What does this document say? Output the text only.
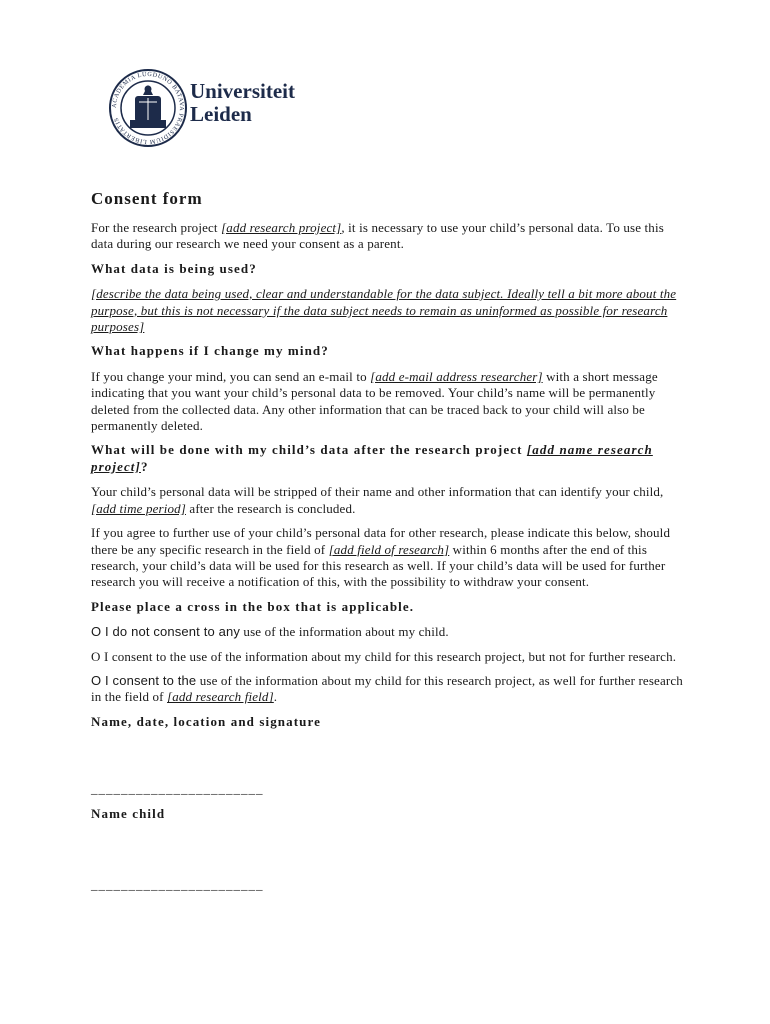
ACADEMIA LUGDUNO BATAVA PRAESIDIUM LIBERTATIS
Universiteit
Leiden
Consent form

For the research project [add research project], it is necessary to use your child’s personal data. To use this data during our research we need your consent as a parent.

What data is being used?

[describe the data being used, clear and understandable for the data subject. Ideally tell a bit more about the purpose, but this is not necessary if the data subject needs to remain as uninformed as possible for research purposes]

What happens if I change my mind?

If you change your mind, you can send an e-mail to [add e-mail address researcher] with a short message indicating that you want your child’s personal data to be removed. Your child’s name will be permanently deleted from the collected data. Any other information that can be traced back to your child will also be permanently deleted.

What will be done with my child’s data after the research project [add name research project]?

Your child’s personal data will be stripped of their name and other information that can identify your child, [add time period] after the research is concluded.

If you agree to further use of your child’s personal data for other research, please indicate this below, should there be any specific research in the field of [add field of research] within 6 months after the end of this research, your child’s data will be used for this research as well. If your child’s data will be used for further research you will receive a notification of this, with the possibility to withdraw your consent.

Please place a cross in the box that is applicable.

O I do not consent to any use of the information about my child.

O I consent to the use of the information about my child for this research project, but not for further research.

O I consent to the use of the information about my child for this research project, as well for further research in the field of [add research field].

Name, date, location and signature

_______________________

Name child

_______________________
